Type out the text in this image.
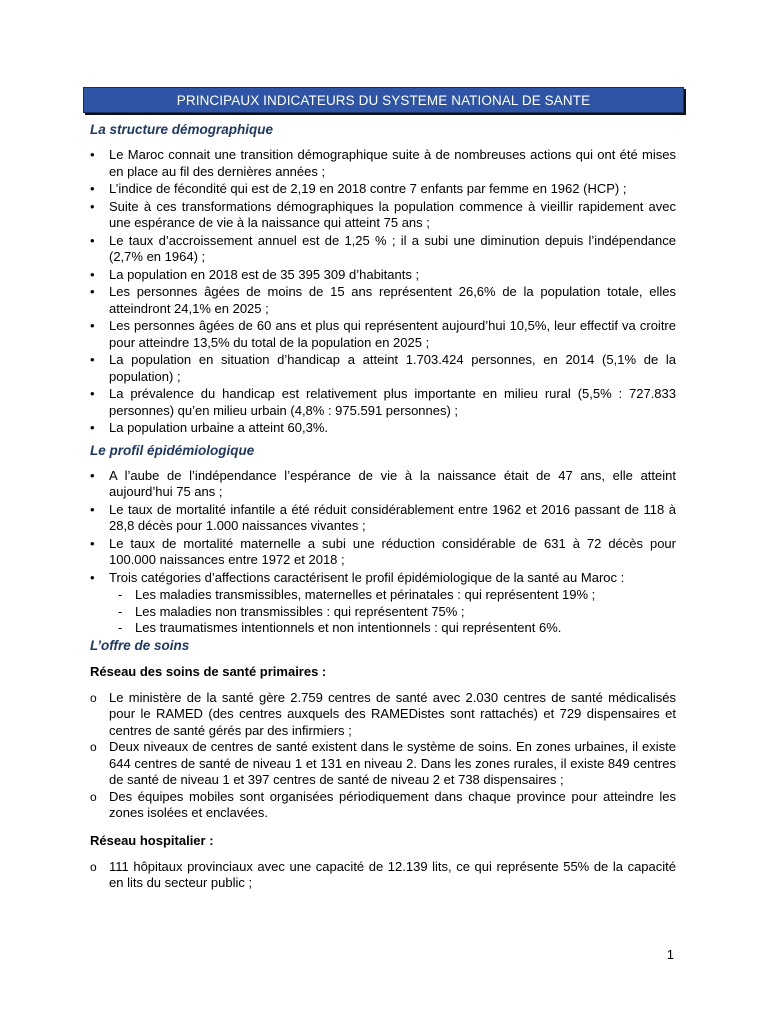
PRINCIPAUX INDICATEURS DU SYSTEME NATIONAL DE SANTE
La structure démographique
• Le Maroc connait une transition démographique suite à de nombreuses actions qui ont été mises en place au fil des dernières années ;
• L’indice de fécondité qui est de 2,19 en 2018 contre 7 enfants par femme en 1962 (HCP) ;
• Suite à ces transformations démographiques la population commence à vieillir rapidement avec une espérance de vie à la naissance qui atteint 75 ans ;
• Le taux d’accroissement annuel est de 1,25 % ; il a subi une diminution depuis l’indépendance (2,7% en 1964) ;
• La population en 2018 est de 35 395 309 d’habitants ;
• Les personnes âgées de moins de 15 ans représentent 26,6% de la population totale, elles atteindront 24,1% en 2025 ;
• Les personnes âgées de 60 ans et plus qui représentent aujourd’hui 10,5%, leur effectif va croitre pour atteindre 13,5% du total de la population en 2025 ;
• La population en situation d’handicap a atteint 1.703.424 personnes, en 2014 (5,1% de la population) ;
• La prévalence du handicap est relativement plus importante en milieu rural (5,5% : 727.833 personnes) qu’en milieu urbain (4,8% : 975.591 personnes) ;
• La population urbaine a atteint 60,3%.
Le profil épidémiologique
• A l’aube de l’indépendance l’espérance de vie à la naissance était de 47 ans, elle atteint aujourd’hui 75 ans ;
• Le taux de mortalité infantile a été réduit considérablement entre 1962 et 2016 passant de 118 à 28,8 décès pour 1.000 naissances vivantes ;
• Le taux de mortalité maternelle a subi une réduction considérable de 631 à 72 décès pour 100.000 naissances entre 1972 et 2018 ;
• Trois catégories d’affections caractérisent le profil épidémiologique de la santé au Maroc :
- Les maladies transmissibles, maternelles et périnatales : qui représentent 19% ;
- Les maladies non transmissibles : qui représentent 75% ;
- Les traumatismes intentionnels et non intentionnels : qui représentent 6%.
L’offre de soins

Réseau des soins de santé primaires :

o Le ministère de la santé gère 2.759 centres de santé avec 2.030 centres de santé médicalisés pour le RAMED (des centres auxquels des RAMEDistes sont rattachés) et 729 dispensaires et centres de santé gérés par des infirmiers ;
o Deux niveaux de centres de santé existent dans le système de soins. En zones urbaines, il existe 644 centres de santé de niveau 1 et 131 en niveau 2. Dans les zones rurales, il existe 849 centres de santé de niveau 1 et 397 centres de santé de niveau 2 et 738 dispensaires ;
o Des équipes mobiles sont organisées périodiquement dans chaque province pour atteindre les zones isolées et enclavées.

Réseau hospitalier :

o 111 hôpitaux provinciaux avec une capacité de 12.139 lits, ce qui représente 55% de la capacité en lits du secteur public ;
1
